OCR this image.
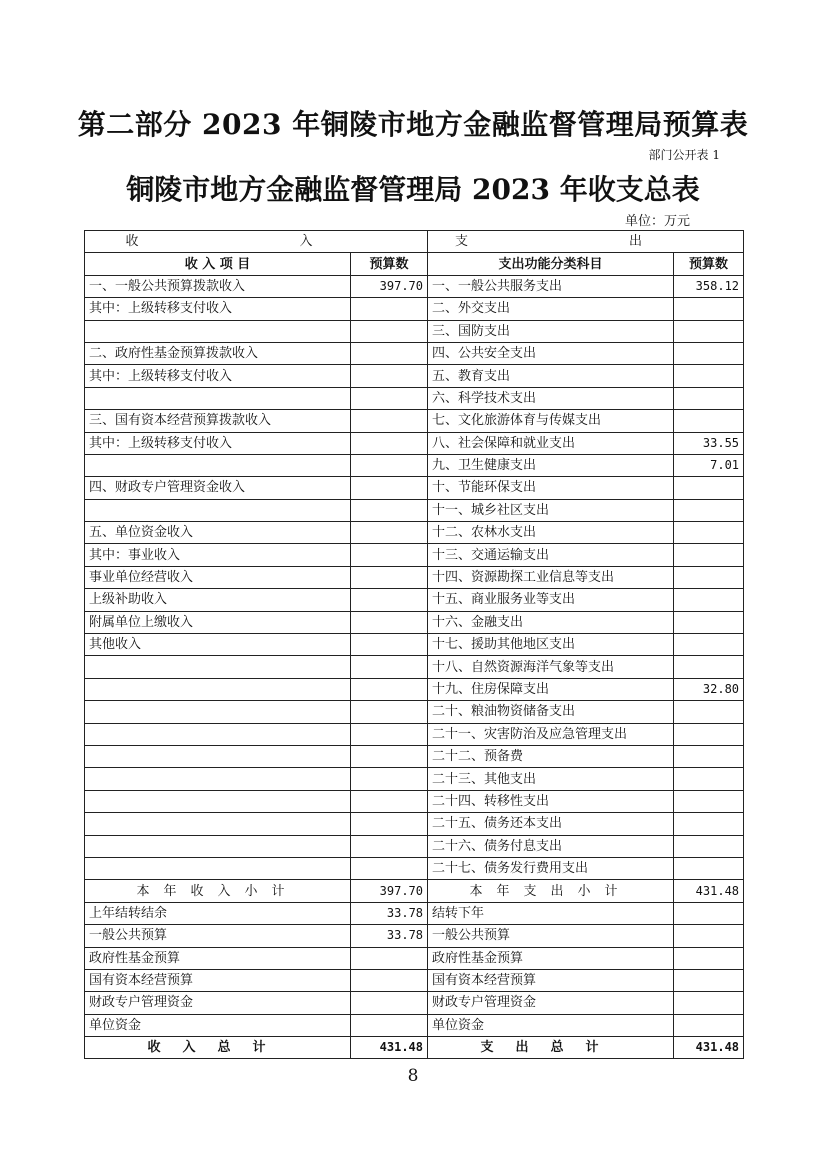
第二部分 2023 年铜陵市地方金融监督管理局预算表
部门公开表 1
铜陵市地方金融监督管理局 2023 年收支总表
单位：万元
收　入		支　出	
收 入 项 目	预算数	支出功能分类科目	预算数
一、一般公共预算拨款收入	397.70	一、一般公共服务支出	358.12
其中：上级转移支付收入		二、外交支出	
		三、国防支出	
二、政府性基金预算拨款收入		四、公共安全支出	
其中：上级转移支付收入		五、教育支出	
		六、科学技术支出	
三、国有资本经营预算拨款收入		七、文化旅游体育与传媒支出	
其中：上级转移支付收入		八、社会保障和就业支出	33.55
		九、卫生健康支出	7.01
四、财政专户管理资金收入		十、节能环保支出	
		十一、城乡社区支出	
五、单位资金收入		十二、农林水支出	
其中：事业收入		十三、交通运输支出	
事业单位经营收入		十四、资源勘探工业信息等支出	
上级补助收入		十五、商业服务业等支出	
附属单位上缴收入		十六、金融支出	
其他收入		十七、援助其他地区支出	
		十八、自然资源海洋气象等支出	
		十九、住房保障支出	32.80
		二十、粮油物资储备支出	
		二十一、灾害防治及应急管理支出	
		二十二、预备费	
		二十三、其他支出	
		二十四、转移性支出	
		二十五、债务还本支出	
		二十六、债务付息支出	
		二十七、债务发行费用支出	
本年收入小计	397.70	本年支出小计	431.48
上年结转结余	33.78	结转下年	
一般公共预算	33.78	一般公共预算	
政府性基金预算		政府性基金预算	
国有资本经营预算		国有资本经营预算	
财政专户管理资金		财政专户管理资金	
单位资金		单位资金	
收入总计	431.48	支出总计	431.48
8
